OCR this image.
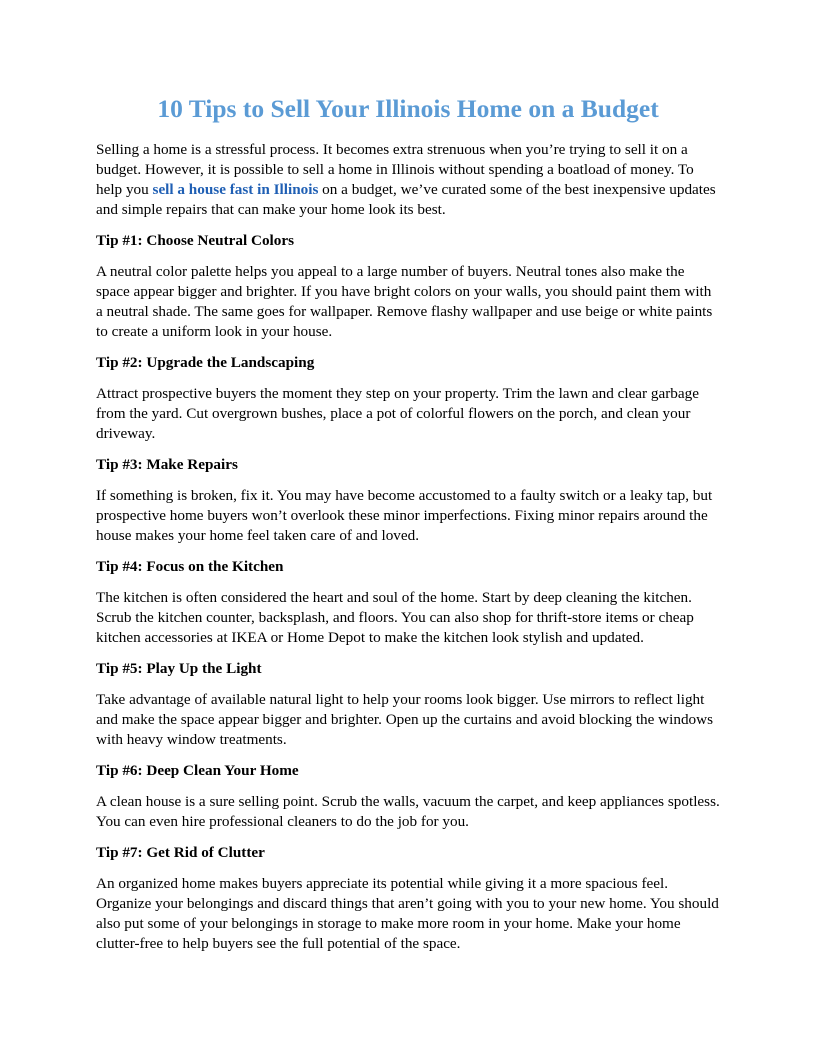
10 Tips to Sell Your Illinois Home on a Budget

Selling a home is a stressful process. It becomes extra strenuous when you’re trying to sell it on a budget. However, it is possible to sell a home in Illinois without spending a boatload of money. To help you sell a house fast in Illinois on a budget, we’ve curated some of the best inexpensive updates and simple repairs that can make your home look its best.

Tip #1: Choose Neutral Colors

A neutral color palette helps you appeal to a large number of buyers. Neutral tones also make the space appear bigger and brighter. If you have bright colors on your walls, you should paint them with a neutral shade. The same goes for wallpaper. Remove flashy wallpaper and use beige or white paints to create a uniform look in your house.

Tip #2: Upgrade the Landscaping

Attract prospective buyers the moment they step on your property. Trim the lawn and clear garbage from the yard. Cut overgrown bushes, place a pot of colorful flowers on the porch, and clean your driveway.

Tip #3: Make Repairs

If something is broken, fix it. You may have become accustomed to a faulty switch or a leaky tap, but prospective home buyers won’t overlook these minor imperfections. Fixing minor repairs around the house makes your home feel taken care of and loved.

Tip #4: Focus on the Kitchen

The kitchen is often considered the heart and soul of the home. Start by deep cleaning the kitchen. Scrub the kitchen counter, backsplash, and floors. You can also shop for thrift-store items or cheap kitchen accessories at IKEA or Home Depot to make the kitchen look stylish and updated.

Tip #5: Play Up the Light

Take advantage of available natural light to help your rooms look bigger. Use mirrors to reflect light and make the space appear bigger and brighter. Open up the curtains and avoid blocking the windows with heavy window treatments.

Tip #6: Deep Clean Your Home

A clean house is a sure selling point. Scrub the walls, vacuum the carpet, and keep appliances spotless. You can even hire professional cleaners to do the job for you.

Tip #7: Get Rid of Clutter

An organized home makes buyers appreciate its potential while giving it a more spacious feel. Organize your belongings and discard things that aren’t going with you to your new home. You should also put some of your belongings in storage to make more room in your home. Make your home clutter-free to help buyers see the full potential of the space.
